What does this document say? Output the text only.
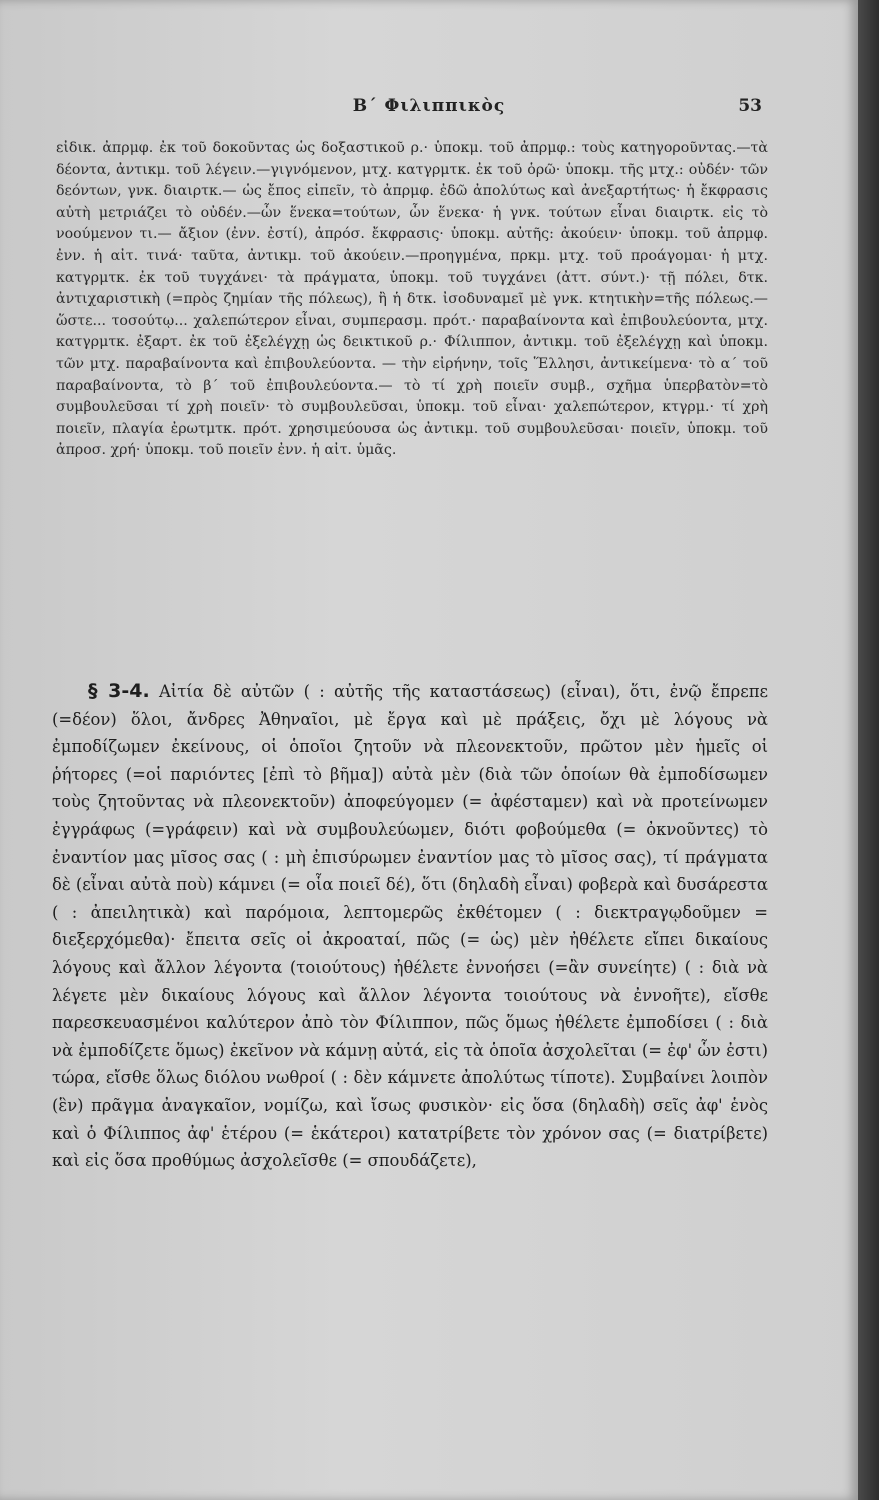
Β΄ Φιλιππικὸς	53

εἰδικ. ἀπρμφ. ἐκ τοῦ δοκοῦντας ὡς δοξαστικοῦ ρ.· ὑποκμ. τοῦ ἀπρμφ.: τοὺς κατηγοροῦντας.—τὰ δέοντα, ἀντικμ. τοῦ λέγειν.—γιγνόμενον, μτχ. κατγρμτκ. ἐκ τοῦ ὁρῶ· ὑποκμ. τῆς μτχ.: οὐδέν· τῶν δεόντων, γνκ. διαιρτκ.— ὡς ἔπος εἰπεῖν, τὸ ἀπρμφ. ἐδῶ ἀπολύτως καὶ ἀνεξαρτήτως· ἡ ἔκφρασις αὐτὴ μετριάζει τὸ οὐδέν.—ὧν ἕνεκα=τούτων, ὧν ἕνεκα· ἡ γνκ. τούτων εἶναι διαιρτκ. εἰς τὸ νοούμενον τι.— ἄξιον (ἐνν. ἐστί), ἀπρόσ. ἔκφρασις· ὑποκμ. αὐτῆς: ἀκούειν· ὑποκμ. τοῦ ἀπρμφ. ἐνν. ἡ αἰτ. τινά· ταῦτα, ἀντικμ. τοῦ ἀκούειν.—προηγμένα, πρκμ. μτχ. τοῦ προάγομαι· ἡ μτχ. κατγρμτκ. ἐκ τοῦ τυγχάνει· τὰ πράγματα, ὑποκμ. τοῦ τυγχάνει (ἀττ. σύντ.)· τῇ πόλει, δτκ. ἀντιχαριστικὴ (=πρὸς ζημίαν τῆς πόλεως), ἢ ἡ δτκ. ἰσοδυναμεῖ μὲ γνκ. κτητικὴν=τῆς πόλεως.—ὥστε... τοσούτῳ... χαλεπώτερον εἶναι, συμπερασμ. πρότ.· παραβαίνοντα καὶ ἐπιβουλεύοντα, μτχ. κατγρμτκ. ἐξαρτ. ἐκ τοῦ ἐξελέγχῃ ὡς δεικτικοῦ ρ.· Φίλιππον, ἀντικμ. τοῦ ἐξελέγχῃ καὶ ὑποκμ. τῶν μτχ. παραβαίνοντα καὶ ἐπιβουλεύοντα. — τὴν εἰρήνην, τοῖς Ἕλλησι, ἀντικείμενα· τὸ α΄ τοῦ παραβαίνοντα, τὸ β΄ τοῦ ἐπιβουλεύοντα.— τὸ τί χρὴ ποιεῖν συμβ., σχῆμα ὑπερβατὸν=τὸ συμβουλεῦσαι τί χρὴ ποιεῖν· τὸ συμβουλεῦσαι, ὑποκμ. τοῦ εἶναι· χαλεπώτερον, κτγρμ.· τί χρὴ ποιεῖν, πλαγία ἐρωτμτκ. πρότ. χρησιμεύουσα ὡς ἀντικμ. τοῦ συμβουλεῦσαι· ποιεῖν, ὑποκμ. τοῦ ἀπροσ. χρή· ὑποκμ. τοῦ ποιεῖν ἐνν. ἡ αἰτ. ὑμᾶς.

§ 3-4. Αἰτία δὲ αὐτῶν ( : αὐτῆς τῆς καταστάσεως) (εἶναι), ὅτι, ἐνῷ ἔπρεπε (=δέον) ὅλοι, ἄνδρες Ἀθηναῖοι, μὲ ἔργα καὶ μὲ πράξεις, ὄχι μὲ λόγους νὰ ἐμποδίζωμεν ἐκείνους, οἱ ὁποῖοι ζητοῦν νὰ πλεονεκτοῦν, πρῶτον μὲν ἡμεῖς οἱ ῥήτορες (=οἱ παριόντες [ἐπὶ τὸ βῆμα]) αὐτὰ μὲν (διὰ τῶν ὁποίων θὰ ἐμποδίσωμεν τοὺς ζητοῦντας νὰ πλεονεκτοῦν) ἀποφεύγομεν (= ἀφέσταμεν) καὶ νὰ προτείνωμεν ἐγγράφως (=γράφειν) καὶ νὰ συμβουλεύωμεν, διότι φοβούμεθα (= ὀκνοῦντες) τὸ ἐναντίον μας μῖσος σας ( : μὴ ἐπισύρωμεν ἐναντίον μας τὸ μῖσος σας), τί πράγματα δὲ (εἶναι αὐτὰ ποὺ) κάμνει (= οἷα ποιεῖ δέ), ὅτι (δηλαδὴ εἶναι) φοβερὰ καὶ δυσάρεστα ( : ἀπειλητικὰ) καὶ παρόμοια, λεπτομερῶς ἐκθέτομεν ( : διεκτραγῳδοῦμεν = διεξερχόμεθα)· ἔπειτα σεῖς οἱ ἀκροαταί, πῶς (= ὡς) μὲν ἠθέλετε εἴπει δικαίους λόγους καὶ ἄλλον λέγοντα (τοιούτους) ἠθέλετε ἐννοήσει (=ἂν συνείητε) ( : διὰ νὰ λέγετε μὲν δικαίους λόγους καὶ ἄλλον λέγοντα τοιούτους νὰ ἐννοῆτε), εἴσθε παρεσκευασμένοι καλύτερον ἀπὸ τὸν Φίλιππον, πῶς ὅμως ἠθέλετε ἐμποδίσει ( : διὰ νὰ ἐμποδίζετε ὅμως) ἐκεῖνον νὰ κάμνῃ αὐτά, εἰς τὰ ὁποῖα ἀσχολεῖται (= ἐφ' ὧν ἐστι) τώρα, εἴσθε ὅλως διόλου νωθροί ( : δὲν κάμνετε ἀπολύτως τίποτε). Συμβαίνει λοιπὸν (ἓν) πρᾶγμα ἀναγκαῖον, νομίζω, καὶ ἴσως φυσικὸν· εἰς ὅσα (δηλαδὴ) σεῖς ἀφ' ἑνὸς καὶ ὁ Φίλιππος ἀφ' ἑτέρου (= ἑκάτεροι) κατατρίβετε τὸν χρόνον σας (= διατρίβετε) καὶ εἰς ὅσα προθύμως ἀσχολεῖσθε (= σπουδάζετε),
